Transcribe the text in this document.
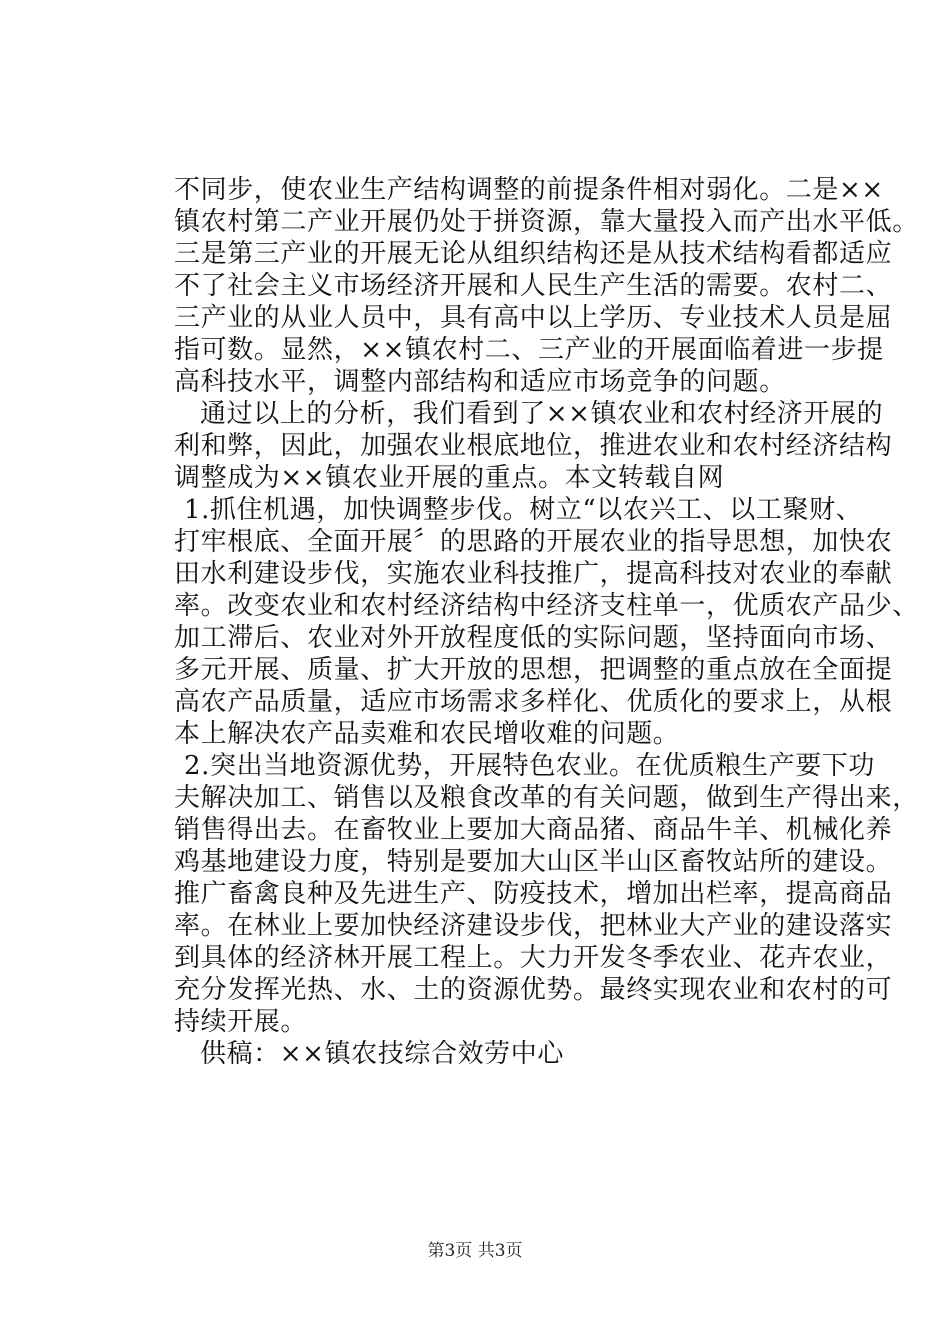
不同步，使农业生产结构调整的前提条件相对弱化。二是××
镇农村第二产业开展仍处于拼资源，靠大量投入而产出水平低。
三是第三产业的开展无论从组织结构还是从技术结构看都适应
不了社会主义市场经济开展和人民生产生活的需要。农村二、
三产业的从业人员中，具有高中以上学历、专业技术人员是屈
指可数。显然，××镇农村二、三产业的开展面临着进一步提
高科技水平，调整内部结构和适应市场竞争的问题。
通过以上的分析，我们看到了××镇农业和农村经济开展的
利和弊，因此，加强农业根底地位，推进农业和农村经济结构
调整成为××镇农业开展的重点。本文转载自网
1.抓住机遇，加快调整步伐。树立“以农兴工、以工聚财、
打牢根底、全面开展〞的思路的开展农业的指导思想，加快农
田水利建设步伐，实施农业科技推广，提高科技对农业的奉献
率。改变农业和农村经济结构中经济支柱单一，优质农产品少、
加工滞后、农业对外开放程度低的实际问题，坚持面向市场、
多元开展、质量、扩大开放的思想，把调整的重点放在全面提
高农产品质量，适应市场需求多样化、优质化的要求上，从根
本上解决农产品卖难和农民增收难的问题。
2.突出当地资源优势，开展特色农业。在优质粮生产要下功
夫解决加工、销售以及粮食改革的有关问题，做到生产得出来，
销售得出去。在畜牧业上要加大商品猪、商品牛羊、机械化养
鸡基地建设力度，特别是要加大山区半山区畜牧站所的建设。
推广畜禽良种及先进生产、防疫技术，增加出栏率，提高商品
率。在林业上要加快经济建设步伐，把林业大产业的建设落实
到具体的经济林开展工程上。大力开发冬季农业、花卉农业，
充分发挥光热、水、土的资源优势。最终实现农业和农村的可
持续开展。
供稿：××镇农技综合效劳中心
第3页 共3页
